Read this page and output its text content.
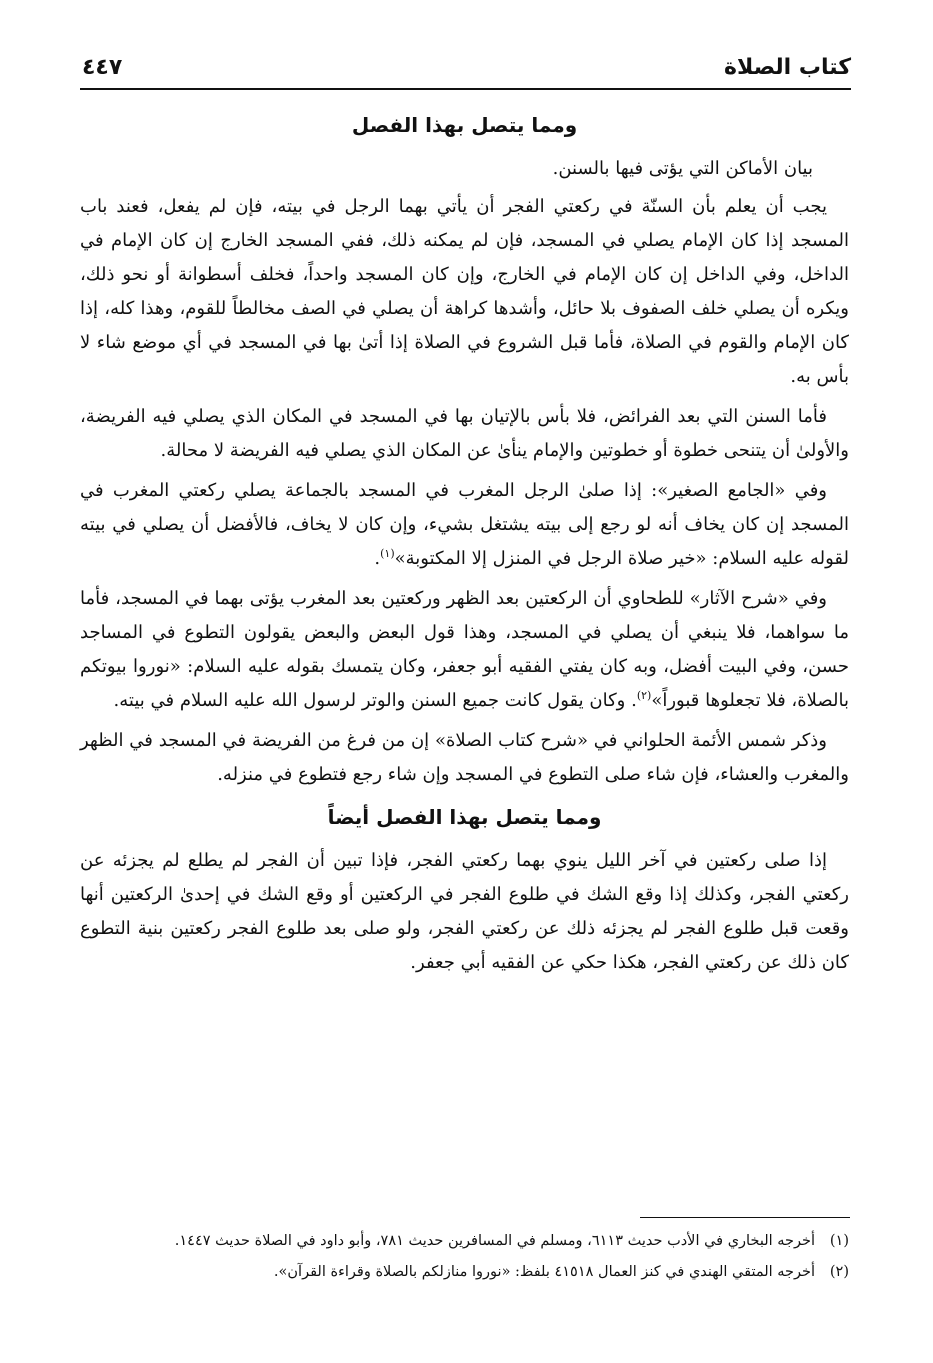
كتاب الصلاة
٤٤٧
ومما يتصل بهذا الفصل

بيان الأماكن التي يؤتى فيها بالسنن.

يجب أن يعلم بأن السنّة في ركعتي الفجر أن يأتي بهما الرجل في بيته، فإن لم يفعل، فعند باب المسجد إذا كان الإمام يصلي في المسجد، فإن لم يمكنه ذلك، ففي المسجد الخارج إن كان الإمام في الداخل، وفي الداخل إن كان الإمام في الخارج، وإن كان المسجد واحداً، فخلف أسطوانة أو نحو ذلك، ويكره أن يصلي خلف الصفوف بلا حائل، وأشدها كراهة أن يصلي في الصف مخالطاً للقوم، وهذا كله، إذا كان الإمام والقوم في الصلاة، فأما قبل الشروع في الصلاة إذا أتىٰ بها في المسجد في أي موضع شاء لا بأس به.

فأما السنن التي بعد الفرائض، فلا بأس بالإتيان بها في المسجد في المكان الذي يصلي فيه الفريضة، والأولىٰ أن يتنحى خطوة أو خطوتين والإمام ينأىٰ عن المكان الذي يصلي فيه الفريضة لا محالة.

وفي «الجامع الصغير»: إذا صلىٰ الرجل المغرب في المسجد بالجماعة يصلي ركعتي المغرب في المسجد إن كان يخاف أنه لو رجع إلى بيته يشتغل بشيء، وإن كان لا يخاف، فالأفضل أن يصلي في بيته لقوله عليه السلام: «خير صلاة الرجل في المنزل إلا المكتوبة»$^{(١)}$.

وفي «شرح الآثار» للطحاوي أن الركعتين بعد الظهر وركعتين بعد المغرب يؤتى بهما في المسجد، فأما ما سواهما، فلا ينبغي أن يصلي في المسجد، وهذا قول البعض والبعض يقولون التطوع في المساجد حسن، وفي البيت أفضل، وبه كان يفتي الفقيه أبو جعفر، وكان يتمسك بقوله عليه السلام: «نوروا بيوتكم بالصلاة، فلا تجعلوها قبوراً»$^{(٢)}$. وكان يقول كانت جميع السنن والوتر لرسول الله عليه السلام في بيته.

وذكر شمس الأئمة الحلواني في «شرح كتاب الصلاة» إن من فرغ من الفريضة في المسجد في الظهر والمغرب والعشاء، فإن شاء صلى التطوع في المسجد وإن شاء رجع فتطوع في منزله.

ومما يتصل بهذا الفصل أيضاً

إذا صلى ركعتين في آخر الليل ينوي بهما ركعتي الفجر، فإذا تبين أن الفجر لم يطلع لم يجزئه عن ركعتي الفجر، وكذلك إذا وقع الشك في طلوع الفجر في الركعتين أو وقع الشك في إحدىٰ الركعتين أنها وقعت قبل طلوع الفجر لم يجزئه ذلك عن ركعتي الفجر، ولو صلى بعد طلوع الفجر ركعتين بنية التطوع كان ذلك عن ركعتي الفجر، هكذا حكي عن الفقيه أبي جعفر.

(١)
أخرجه البخاري في الأدب حديث ٦١١٣، ومسلم في المسافرين حديث ٧٨١، وأبو داود في الصلاة حديث ١٤٤٧.
(٢)
أخرجه المتقي الهندي في كنز العمال ٤١٥١٨ بلفظ: «نوروا منازلكم بالصلاة وقراءة القرآن».
